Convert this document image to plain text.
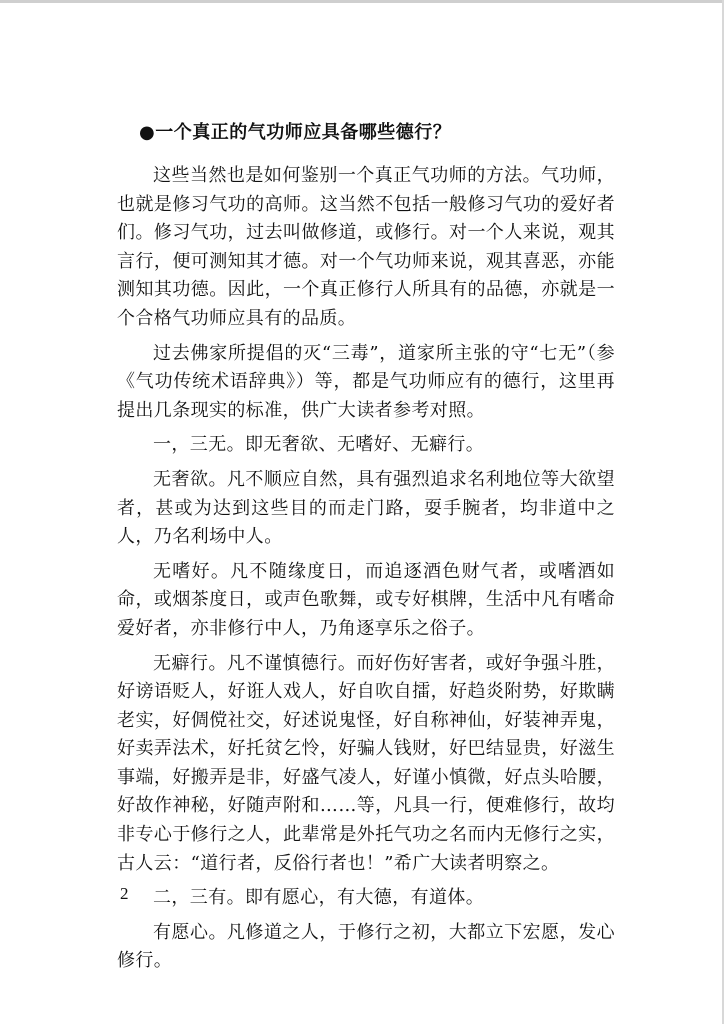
●一个真正的气功师应具备哪些德行？

这些当然也是如何鉴别一个真正气功师的方法。气功师，也就是修习气功的高师。这当然不包括一般修习气功的爱好者们。修习气功，过去叫做修道，或修行。对一个人来说，观其言行，便可测知其才德。对一个气功师来说，观其喜恶，亦能测知其功德。因此，一个真正修行人所具有的品德，亦就是一个合格气功师应具有的品质。

过去佛家所提倡的灭“三毒”，道家所主张的守“七无”（参《气功传统术语辞典》）等，都是气功师应有的德行，这里再提出几条现实的标准，供广大读者参考对照。

一，三无。即无奢欲、无嗜好、无癖行。

无奢欲。凡不顺应自然，具有强烈追求名利地位等大欲望者，甚或为达到这些目的而走门路，耍手腕者，均非道中之人，乃名利场中人。

无嗜好。凡不随缘度日，而追逐酒色财气者，或嗜酒如命，或烟茶度日，或声色歌舞，或专好棋牌，生活中凡有嗜命爱好者，亦非修行中人，乃角逐享乐之俗子。

无癖行。凡不谨慎德行。而好伤好害者，或好争强斗胜，好谤语贬人，好诳人戏人，好自吹自擂，好趋炎附势，好欺瞒老实，好倜傥社交，好述说鬼怪，好自称神仙，好装神弄鬼，好卖弄法术，好托贫乞怜，好骗人钱财，好巴结显贵，好滋生事端，好搬弄是非，好盛气凌人，好谨小慎微，好点头哈腰，好故作神秘，好随声附和……等，凡具一行，便难修行，故均非专心于修行之人，此辈常是外托气功之名而内无修行之实，古人云：“道行者，反俗行者也！”希广大读者明察之。

二，三有。即有愿心，有大德，有道体。

有愿心。凡修道之人，于修行之初，大都立下宏愿，发心修行。

2
